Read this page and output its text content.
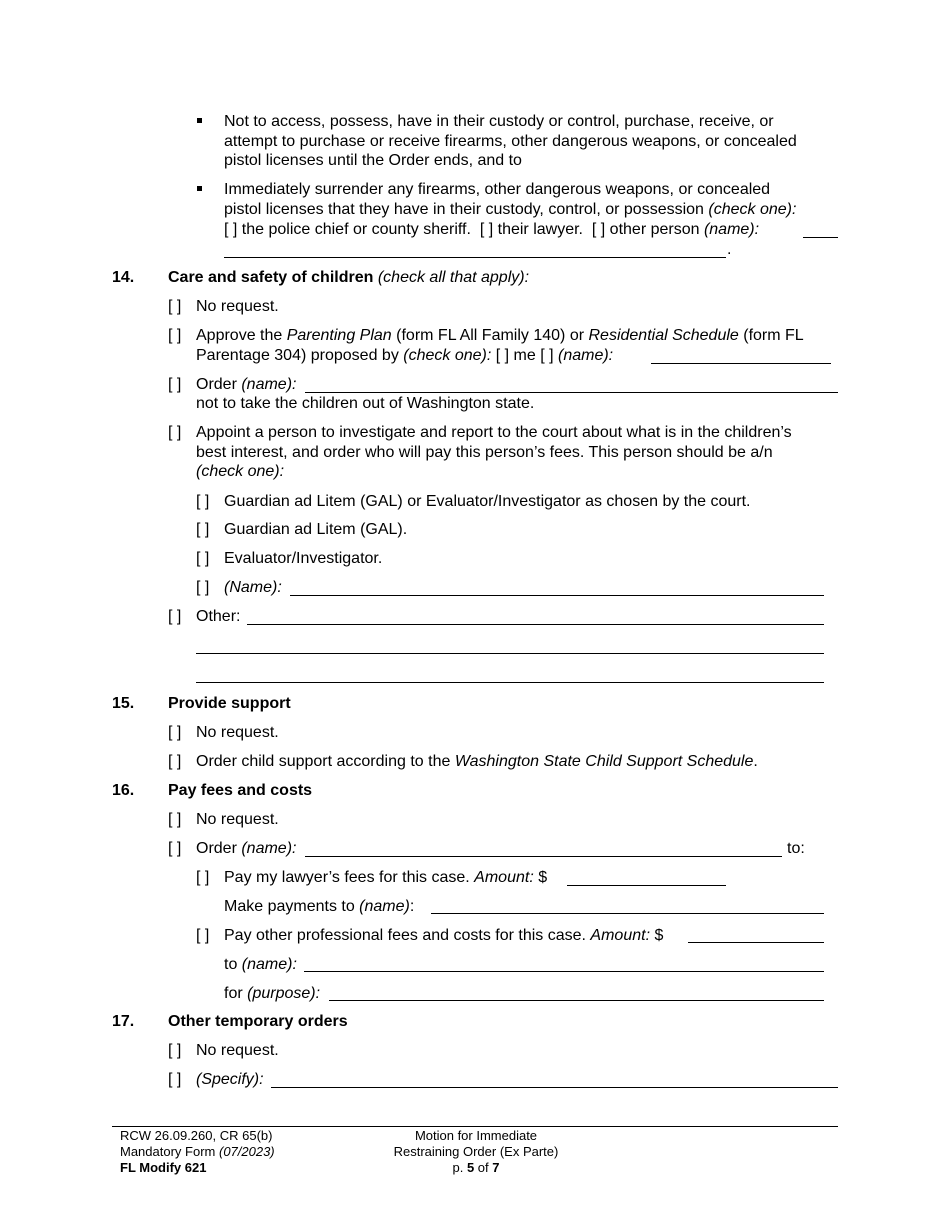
Not to access, possess, have in their custody or control, purchase, receive, or
attempt to purchase or receive firearms, other dangerous weapons, or concealed
pistol licenses until the Order ends, and to
Immediately surrender any firearms, other dangerous weapons, or concealed
pistol licenses that they have in their custody, control, or possession (check one):
[ ] the police chief or county sheriff. [ ] their lawyer. [ ] other person (name):
.
14. Care and safety of children (check all that apply):
[ ] No request.
[ ] Approve the Parenting Plan (form FL All Family 140) or Residential Schedule (form FL
Parentage 304) proposed by (check one): [ ] me [ ] (name):
[ ] Order (name):
not to take the children out of Washington state.
[ ] Appoint a person to investigate and report to the court about what is in the children’s
best interest, and order who will pay this person’s fees. This person should be a/n
(check one):
[ ] Guardian ad Litem (GAL) or Evaluator/Investigator as chosen by the court.
[ ] Guardian ad Litem (GAL).
[ ] Evaluator/Investigator.
[ ] (Name):
[ ] Other:
15. Provide support
[ ] No request.
[ ] Order child support according to the Washington State Child Support Schedule.
16. Pay fees and costs
[ ] No request.
[ ] Order (name):	to:
[ ] Pay my lawyer’s fees for this case. Amount: $
Make payments to (name):
[ ] Pay other professional fees and costs for this case. Amount: $
to (name):
for (purpose):
17. Other temporary orders
[ ] No request.
[ ] (Specify):
RCW 26.09.260, CR 65(b)
Mandatory Form (07/2023)
FL Modify 621
Motion for Immediate
Restraining Order (Ex Parte)
p. 5 of 7
